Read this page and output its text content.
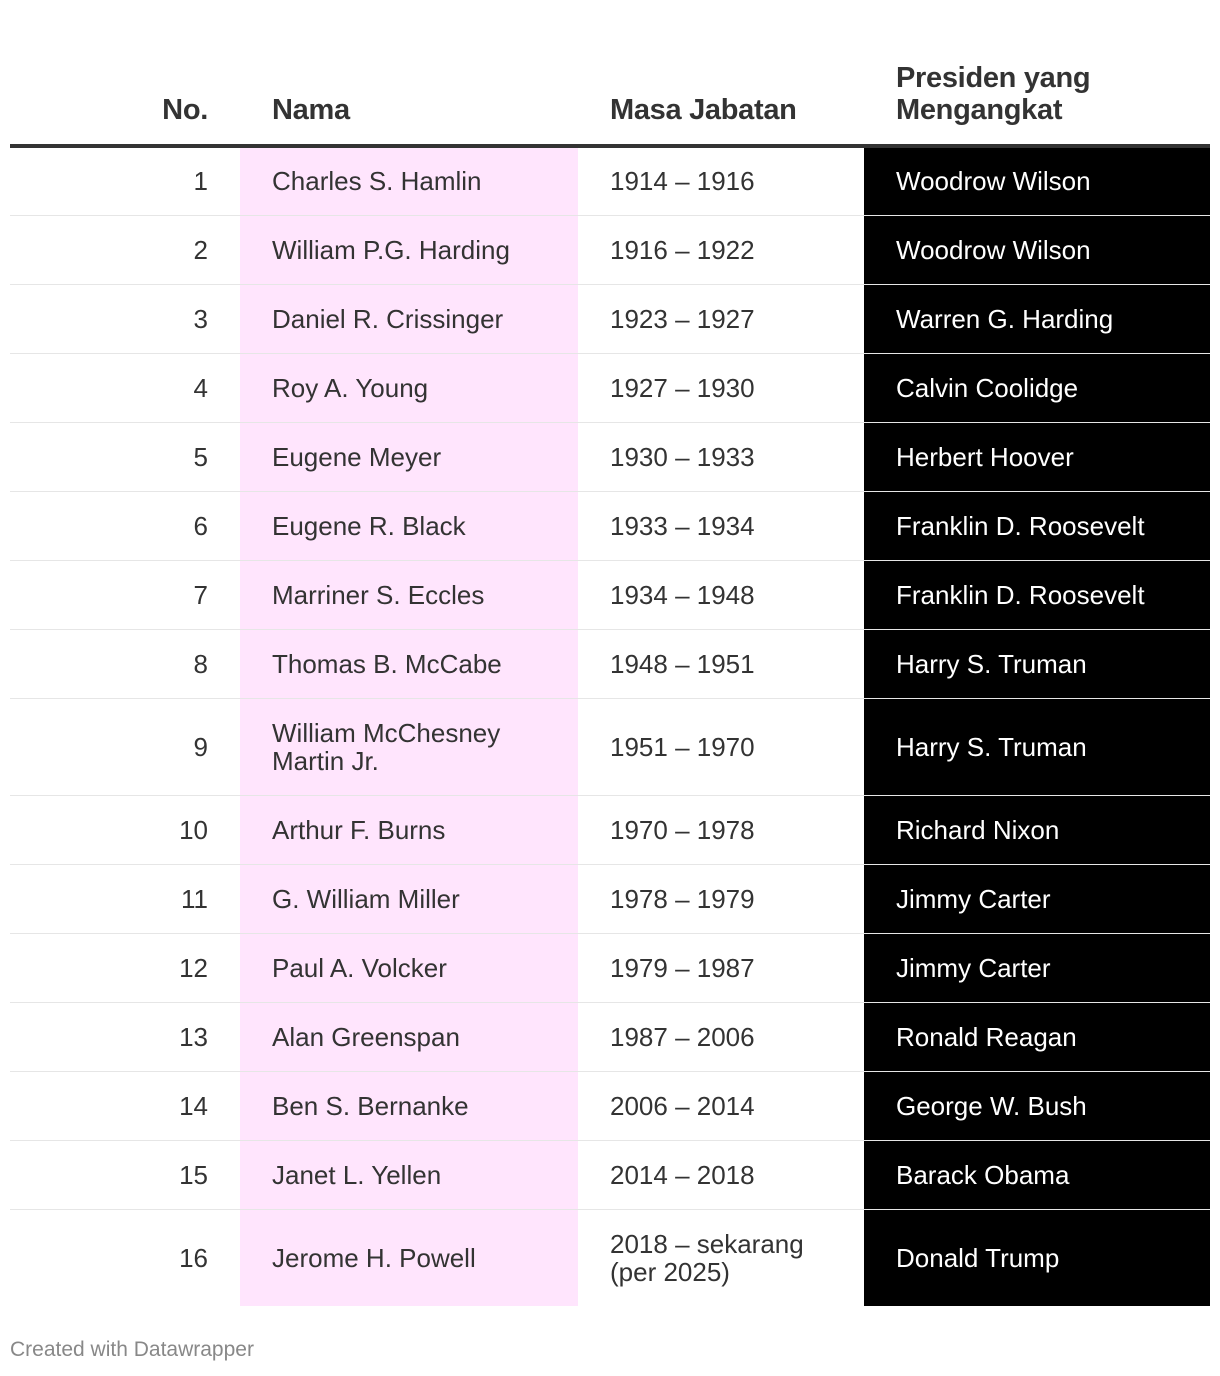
No.	Nama	Masa Jabatan	Presiden yang Mengangkat
1	Charles S. Hamlin	1914 – 1916	Woodrow Wilson
2	William P.G. Harding	1916 – 1922	Woodrow Wilson
3	Daniel R. Crissinger	1923 – 1927	Warren G. Harding
4	Roy A. Young	1927 – 1930	Calvin Coolidge
5	Eugene Meyer	1930 – 1933	Herbert Hoover
6	Eugene R. Black	1933 – 1934	Franklin D. Roosevelt
7	Marriner S. Eccles	1934 – 1948	Franklin D. Roosevelt
8	Thomas B. McCabe	1948 – 1951	Harry S. Truman
9	William McChesney Martin Jr.	1951 – 1970	Harry S. Truman
10	Arthur F. Burns	1970 – 1978	Richard Nixon
11	G. William Miller	1978 – 1979	Jimmy Carter
12	Paul A. Volcker	1979 – 1987	Jimmy Carter
13	Alan Greenspan	1987 – 2006	Ronald Reagan
14	Ben S. Bernanke	2006 – 2014	George W. Bush
15	Janet L. Yellen	2014 – 2018	Barack Obama
16	Jerome H. Powell	2018 – sekarang (per 2025)	Donald Trump
Created with Datawrapper
